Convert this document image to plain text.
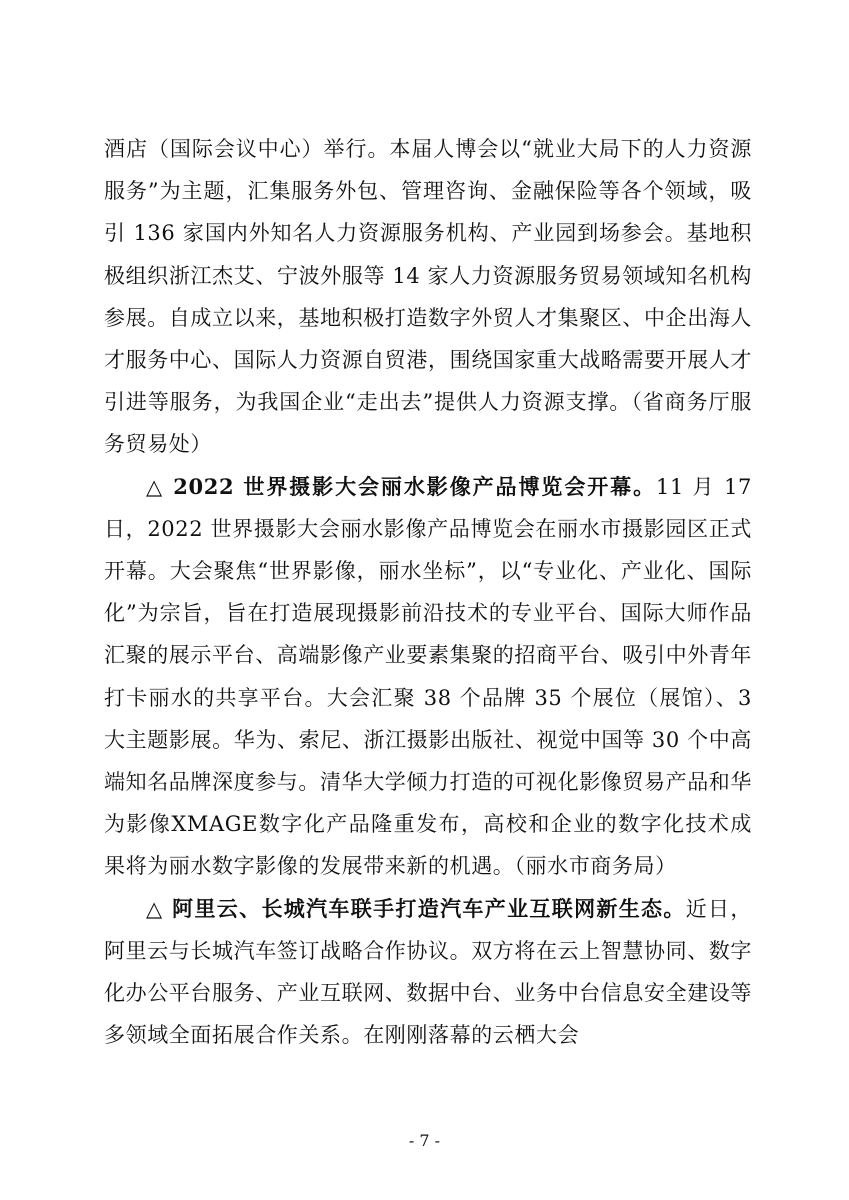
酒店（国际会议中心）举行。本届人博会以“就业大局下的人力资源服务”为主题，汇集服务外包、管理咨询、金融保险等各个领域，吸引 136 家国内外知名人力资源服务机构、产业园到场参会。基地积极组织浙江杰艾、宁波外服等 14 家人力资源服务贸易领域知名机构参展。自成立以来，基地积极打造数字外贸人才集聚区、中企出海人才服务中心、国际人力资源自贸港，围绕国家重大战略需要开展人才引进等服务，为我国企业“走出去”提供人力资源支撑。（省商务厅服务贸易处）

△ 2022 世界摄影大会丽水影像产品博览会开幕。11 月 17 日，2022 世界摄影大会丽水影像产品博览会在丽水市摄影园区正式开幕。大会聚焦“世界影像，丽水坐标”，以“专业化、产业化、国际化”为宗旨，旨在打造展现摄影前沿技术的专业平台、国际大师作品汇聚的展示平台、高端影像产业要素集聚的招商平台、吸引中外青年打卡丽水的共享平台。大会汇聚 38 个品牌 35 个展位（展馆）、3 大主题影展。华为、索尼、浙江摄影出版社、视觉中国等 30 个中高端知名品牌深度参与。清华大学倾力打造的可视化影像贸易产品和华为影像XMAGE数字化产品隆重发布，高校和企业的数字化技术成果将为丽水数字影像的发展带来新的机遇。（丽水市商务局）

△ 阿里云、长城汽车联手打造汽车产业互联网新生态。近日，阿里云与长城汽车签订战略合作协议。双方将在云上智慧协同、数字化办公平台服务、产业互联网、数据中台、业务中台信息安全建设等多领域全面拓展合作关系。在刚刚落幕的云栖大会

- 7 -
